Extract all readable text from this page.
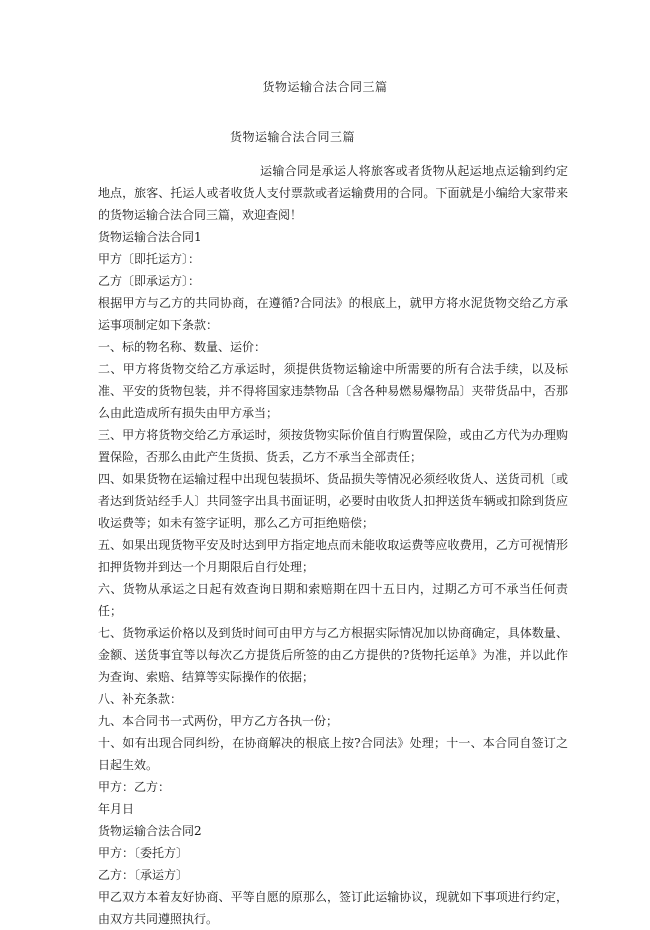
货物运输合法合同三篇
货物运输合法合同三篇

运输合同是承运人将旅客或者货物从起运地点运输到约定地点，旅客、托运人或者收货人支付票款或者运输费用的合同。下面就是小编给大家带来的货物运输合法合同三篇，欢迎查阅！

货物运输合法合同1

甲方〔即托运方〕：

乙方〔即承运方〕：

根据甲方与乙方的共同协商，在遵循?合同法》的根底上，就甲方将水泥货物交给乙方承运事项制定如下条款：

一、标的物名称、数量、运价：

二、甲方将货物交给乙方承运时，须提供货物运输途中所需要的所有合法手续，以及标准、平安的货物包装，并不得将国家违禁物品〔含各种易燃易爆物品〕夹带货品中，否那么由此造成所有损失由甲方承当；

三、甲方将货物交给乙方承运时，须按货物实际价值自行购置保险，或由乙方代为办理购置保险，否那么由此产生货损、货丢，乙方不承当全部责任；

四、如果货物在运输过程中出现包装损坏、货品损失等情况必须经收货人、送货司机〔或者达到货站经手人〕共同签字出具书面证明，必要时由收货人扣押送货车辆或扣除到货应收运费等；如未有签字证明，那么乙方可拒绝赔偿；

五、如果出现货物平安及时达到甲方指定地点而未能收取运费等应收费用，乙方可视情形扣押货物并到达一个月期限后自行处理；

六、货物从承运之日起有效查询日期和索赔期在四十五日内，过期乙方可不承当任何责任；

七、货物承运价格以及到货时间可由甲方与乙方根据实际情况加以协商确定，具体数量、金额、送货事宜等以每次乙方提货后所签的由乙方提供的?货物托运单》为准，并以此作为查询、索赔、结算等实际操作的依据；

八、补充条款：

九、本合同书一式两份，甲方乙方各执一份；

十、如有出现合同纠纷，在协商解决的根底上按?合同法》处理；十一、本合同自签订之日起生效。

甲方：乙方：

年月日

货物运输合法合同2

甲方：〔委托方〕

乙方：〔承运方〕

甲乙双方本着友好协商、平等自愿的原那么，签订此运输协议，现就如下事项进行约定，由双方共同遵照执行。
